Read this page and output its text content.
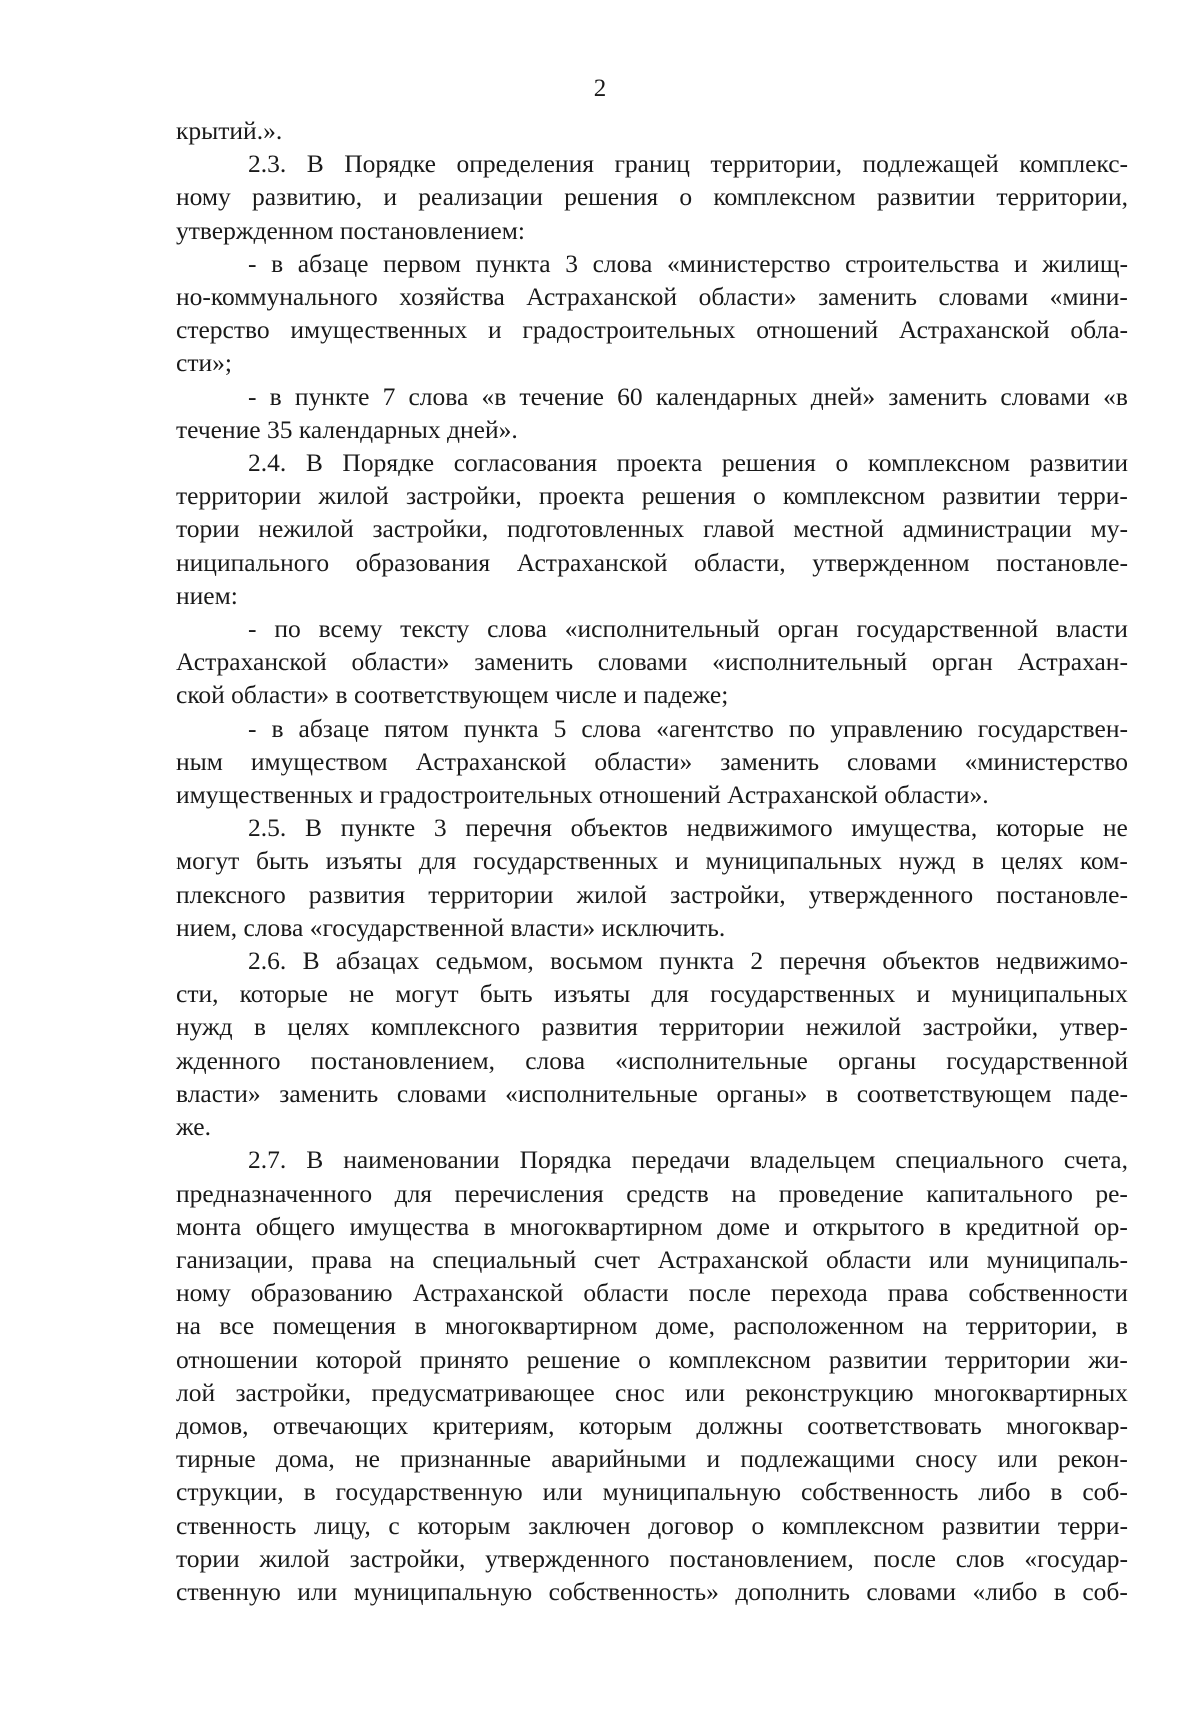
2
крытий.».
2.3. В Порядке определения границ территории, подлежащей комплекс-
ному развитию, и реализации решения о комплексном развитии территории,
утвержденном постановлением:
- в абзаце первом пункта 3 слова «министерство строительства и жилищ-
но-коммунального хозяйства Астраханской области» заменить словами «мини-
стерство имущественных и градостроительных отношений Астраханской обла-
сти»;
- в пункте 7 слова «в течение 60 календарных дней» заменить словами «в
течение 35 календарных дней».
2.4. В Порядке согласования проекта решения о комплексном развитии
территории жилой застройки, проекта решения о комплексном развитии терри-
тории нежилой застройки, подготовленных главой местной администрации му-
ниципального образования Астраханской области, утвержденном постановле-
нием:
- по всему тексту слова «исполнительный орган государственной власти
Астраханской области» заменить словами «исполнительный орган Астрахан-
ской области» в соответствующем числе и падеже;
- в абзаце пятом пункта 5 слова «агентство по управлению государствен-
ным имуществом Астраханской области» заменить словами «министерство
имущественных и градостроительных отношений Астраханской области».
2.5. В пункте 3 перечня объектов недвижимого имущества, которые не
могут быть изъяты для государственных и муниципальных нужд в целях ком-
плексного развития территории жилой застройки, утвержденного постановле-
нием, слова «государственной власти» исключить.
2.6. В абзацах седьмом, восьмом пункта 2 перечня объектов недвижимо-
сти, которые не могут быть изъяты для государственных и муниципальных
нужд в целях комплексного развития территории нежилой застройки, утвер-
жденного постановлением, слова «исполнительные органы государственной
власти» заменить словами «исполнительные органы» в соответствующем паде-
же.
2.7. В наименовании Порядка передачи владельцем специального счета,
предназначенного для перечисления средств на проведение капитального ре-
монта общего имущества в многоквартирном доме и открытого в кредитной ор-
ганизации, права на специальный счет Астраханской области или муниципаль-
ному образованию Астраханской области после перехода права собственности
на все помещения в многоквартирном доме, расположенном на территории, в
отношении которой принято решение о комплексном развитии территории жи-
лой застройки, предусматривающее снос или реконструкцию многоквартирных
домов, отвечающих критериям, которым должны соответствовать многоквар-
тирные дома, не признанные аварийными и подлежащими сносу или рекон-
струкции, в государственную или муниципальную собственность либо в соб-
ственность лицу, с которым заключен договор о комплексном развитии терри-
тории жилой застройки, утвержденного постановлением, после слов «государ-
ственную или муниципальную собственность» дополнить словами «либо в соб-
